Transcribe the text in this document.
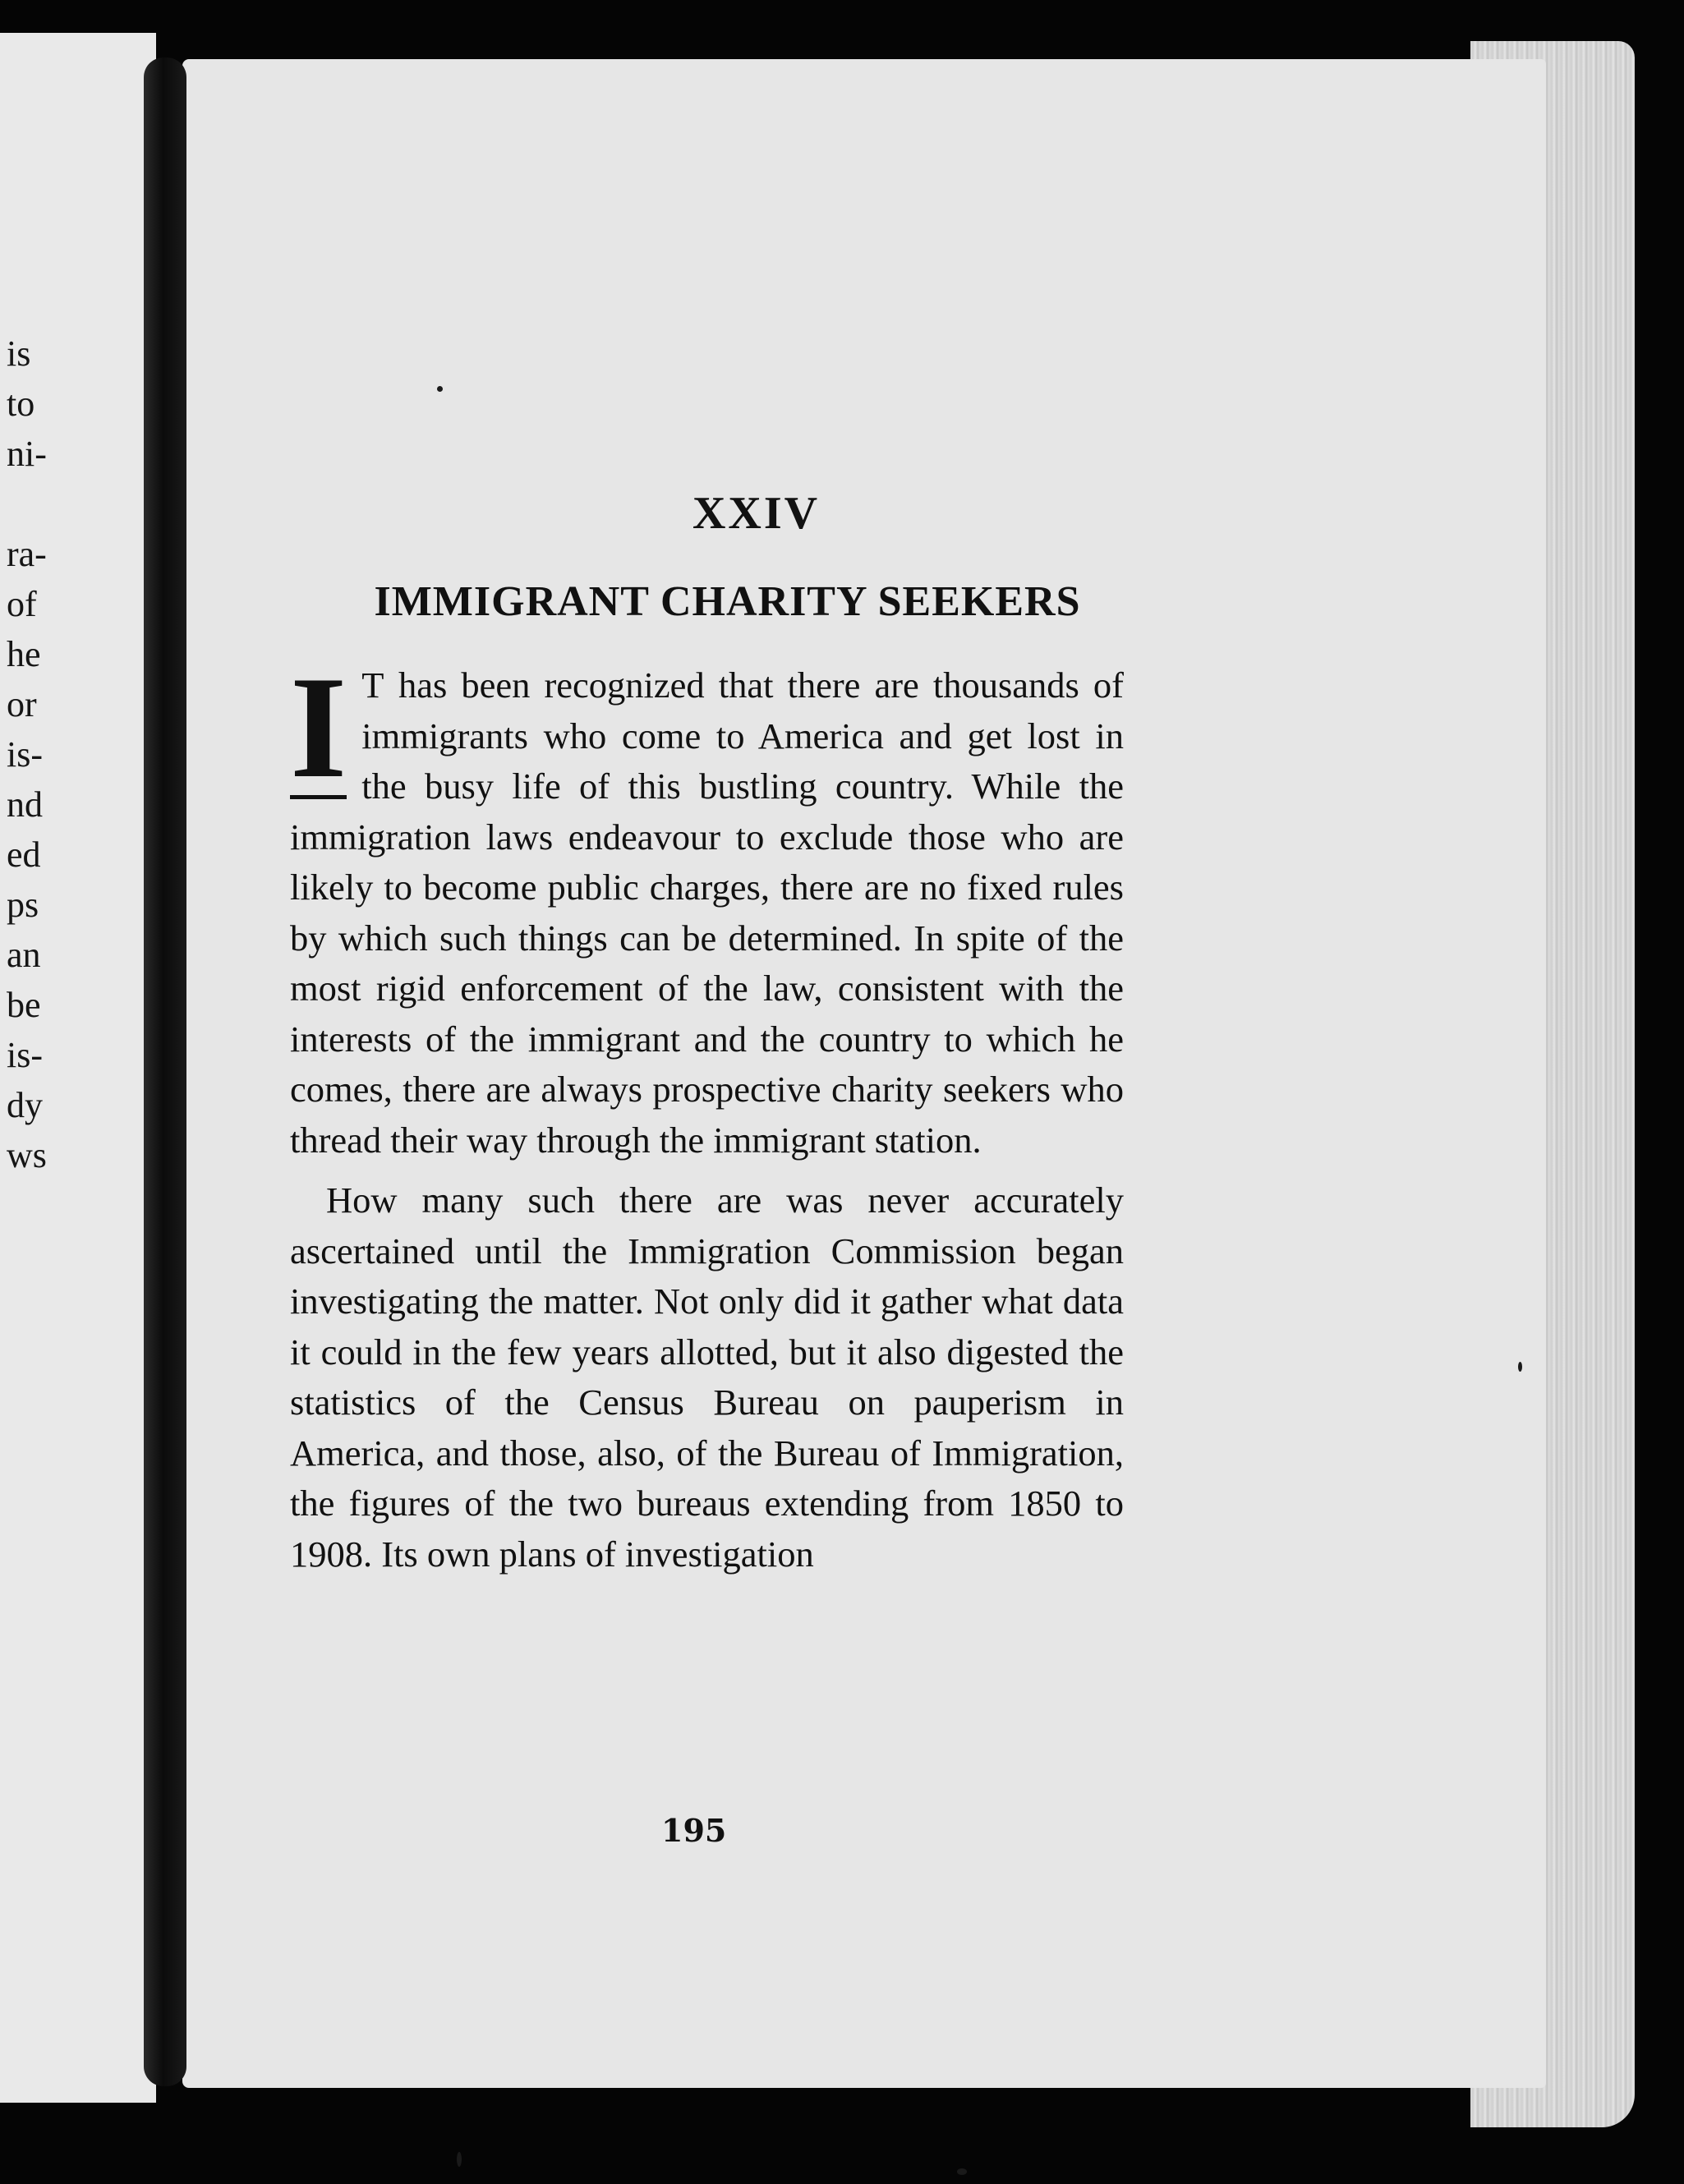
is
to
ni-

ra-
of
he
or
is-
nd
ed
ps
an
be
is-
dy
ws
XXIV
IMMIGRANT CHARITY SEEKERS

I T has been recognized that there are thousands of immigrants who come to America and get lost in the busy life of this bustling country. While the immigration laws endeavour to exclude those who are likely to become public charges, there are no fixed rules by which such things can be determined. In spite of the most rigid enforcement of the law, consistent with the interests of the immigrant and the country to which he comes, there are always prospective charity seekers who thread their way through the immigrant station.

How many such there are was never accurately ascertained until the Immigration Commission began investigating the matter. Not only did it gather what data it could in the few years allotted, but it also digested the statistics of the Census Bureau on pauperism in America, and those, also, of the Bureau of Immigration, the figures of the two bureaus extending from 1850 to 1908. Its own plans of investigation

195
